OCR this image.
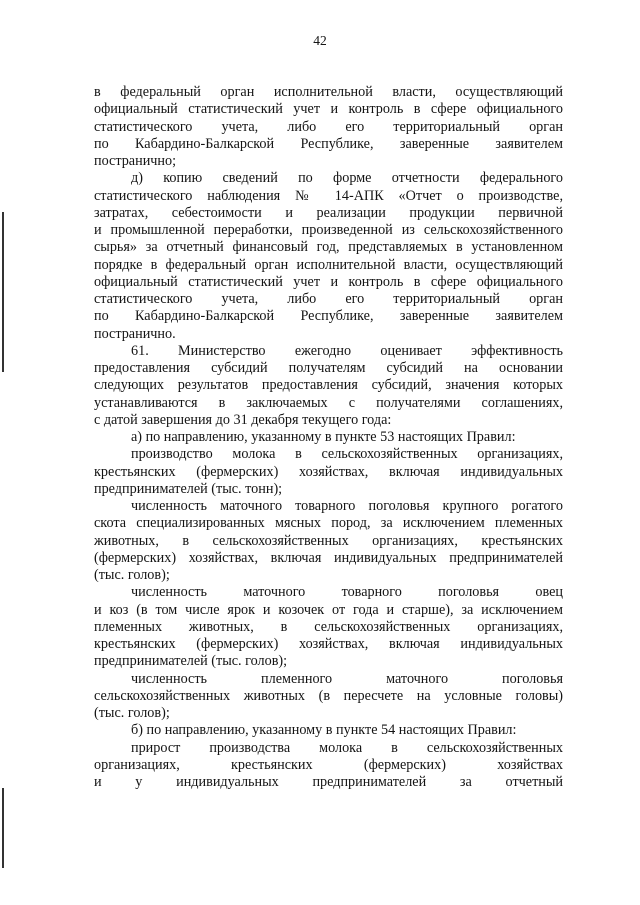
42
в федеральный орган исполнительной власти, осуществляющий
официальный статистический учет и контроль в сфере официального
статистического учета, либо его территориальный орган
по Кабардино-Балкарской Республике, заверенные заявителем
постранично;
д) копию сведений по форме отчетности федерального
статистического наблюдения № 14-АПК «Отчет о производстве,
затратах, себестоимости и реализации продукции первичной
и промышленной переработки, произведенной из сельскохозяйственного
сырья» за отчетный финансовый год, представляемых в установленном
порядке в федеральный орган исполнительной власти, осуществляющий
официальный статистический учет и контроль в сфере официального
статистического учета, либо его территориальный орган
по Кабардино-Балкарской Республике, заверенные заявителем
постранично.
61. Министерство ежегодно оценивает эффективность
предоставления субсидий получателям субсидий на основании
следующих результатов предоставления субсидий, значения которых
устанавливаются в заключаемых с получателями соглашениях,
с датой завершения до 31 декабря текущего года:
а) по направлению, указанному в пункте 53 настоящих Правил:
производство молока в сельскохозяйственных организациях,
крестьянских (фермерских) хозяйствах, включая индивидуальных
предпринимателей (тыс. тонн);
численность маточного товарного поголовья крупного рогатого
скота специализированных мясных пород, за исключением племенных
животных, в сельскохозяйственных организациях, крестьянских
(фермерских) хозяйствах, включая индивидуальных предпринимателей
(тыс. голов);
численность маточного товарного поголовья овец
и коз (в том числе ярок и козочек от года и старше), за исключением
племенных животных, в сельскохозяйственных организациях,
крестьянских (фермерских) хозяйствах, включая индивидуальных
предпринимателей (тыс. голов);
численность племенного маточного поголовья
сельскохозяйственных животных (в пересчете на условные головы)
(тыс. голов);
б) по направлению, указанному в пункте 54 настоящих Правил:
прирост производства молока в сельскохозяйственных
организациях, крестьянских (фермерских) хозяйствах
и у индивидуальных предпринимателей за отчетный
